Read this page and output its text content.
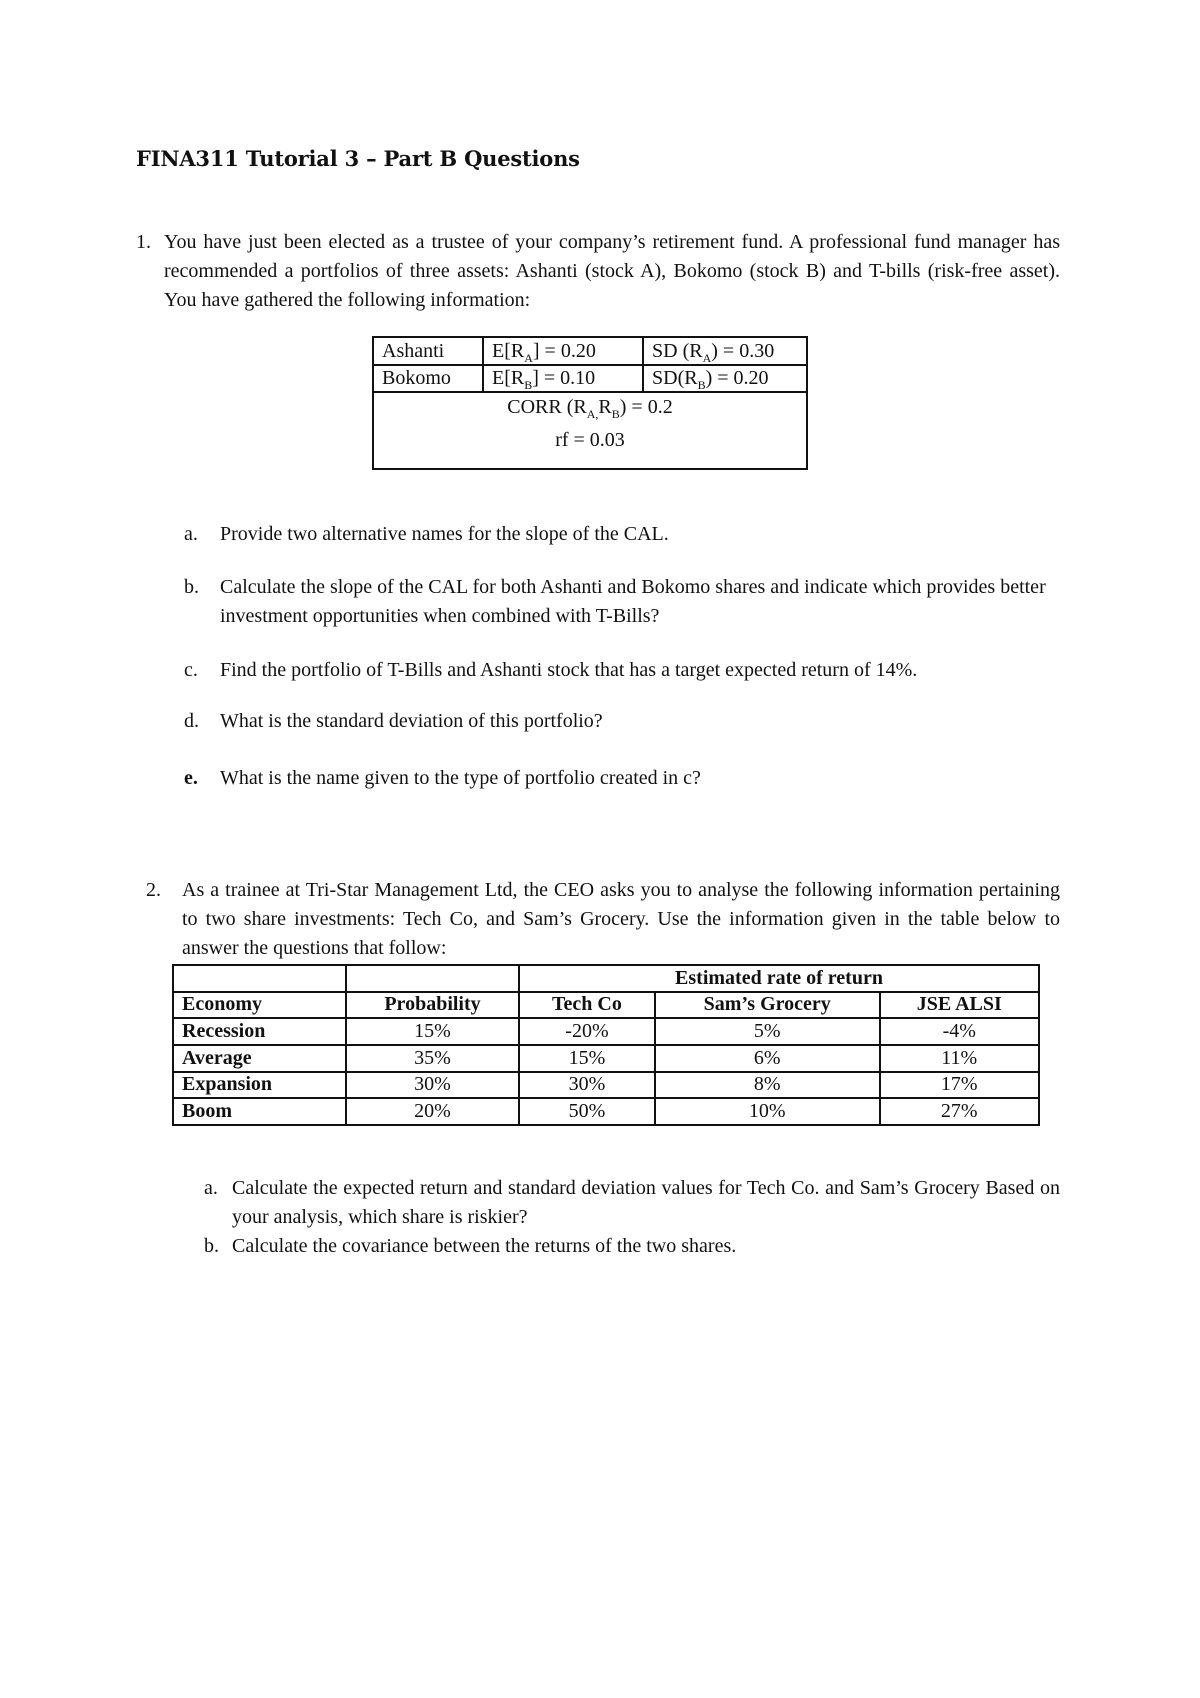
FINA311 Tutorial 3 – Part B Questions
1. You have just been elected as a trustee of your company’s retirement fund. A professional fund manager has recommended a portfolios of three assets: Ashanti (stock A), Bokomo (stock B) and T-bills (risk-free asset). You have gathered the following information:
Ashanti	$E[R_A] = 0.20$	SD $(R_A) = 0.30$
Bokomo	$E[R_B] = 0.10$	$SD(R_B) = 0.20$
CORR $(R_{A,}R_B) = 0.2$
rf = 0.03
a. Provide two alternative names for the slope of the CAL.
b. Calculate the slope of the CAL for both Ashanti and Bokomo shares and indicate which provides better investment opportunities when combined with T-Bills?
c. Find the portfolio of T-Bills and Ashanti stock that has a target expected return of 14%.
d. What is the standard deviation of this portfolio?
e. What is the name given to the type of portfolio created in c?
2. As a trainee at Tri-Star Management Ltd, the CEO asks you to analyse the following information pertaining to two share investments: Tech Co, and Sam’s Grocery. Use the information given in the table below to answer the questions that follow:
		Estimated rate of return		
Economy	Probability	Tech Co	Sam’s Grocery	JSE ALSI
Recession	15%	-20%	5%	-4%
Average	35%	15%	6%	11%
Expansion	30%	30%	8%	17%
Boom	20%	50%	10%	27%
a. Calculate the expected return and standard deviation values for Tech Co. and Sam’s Grocery Based on your analysis, which share is riskier?
b. Calculate the covariance between the returns of the two shares.
